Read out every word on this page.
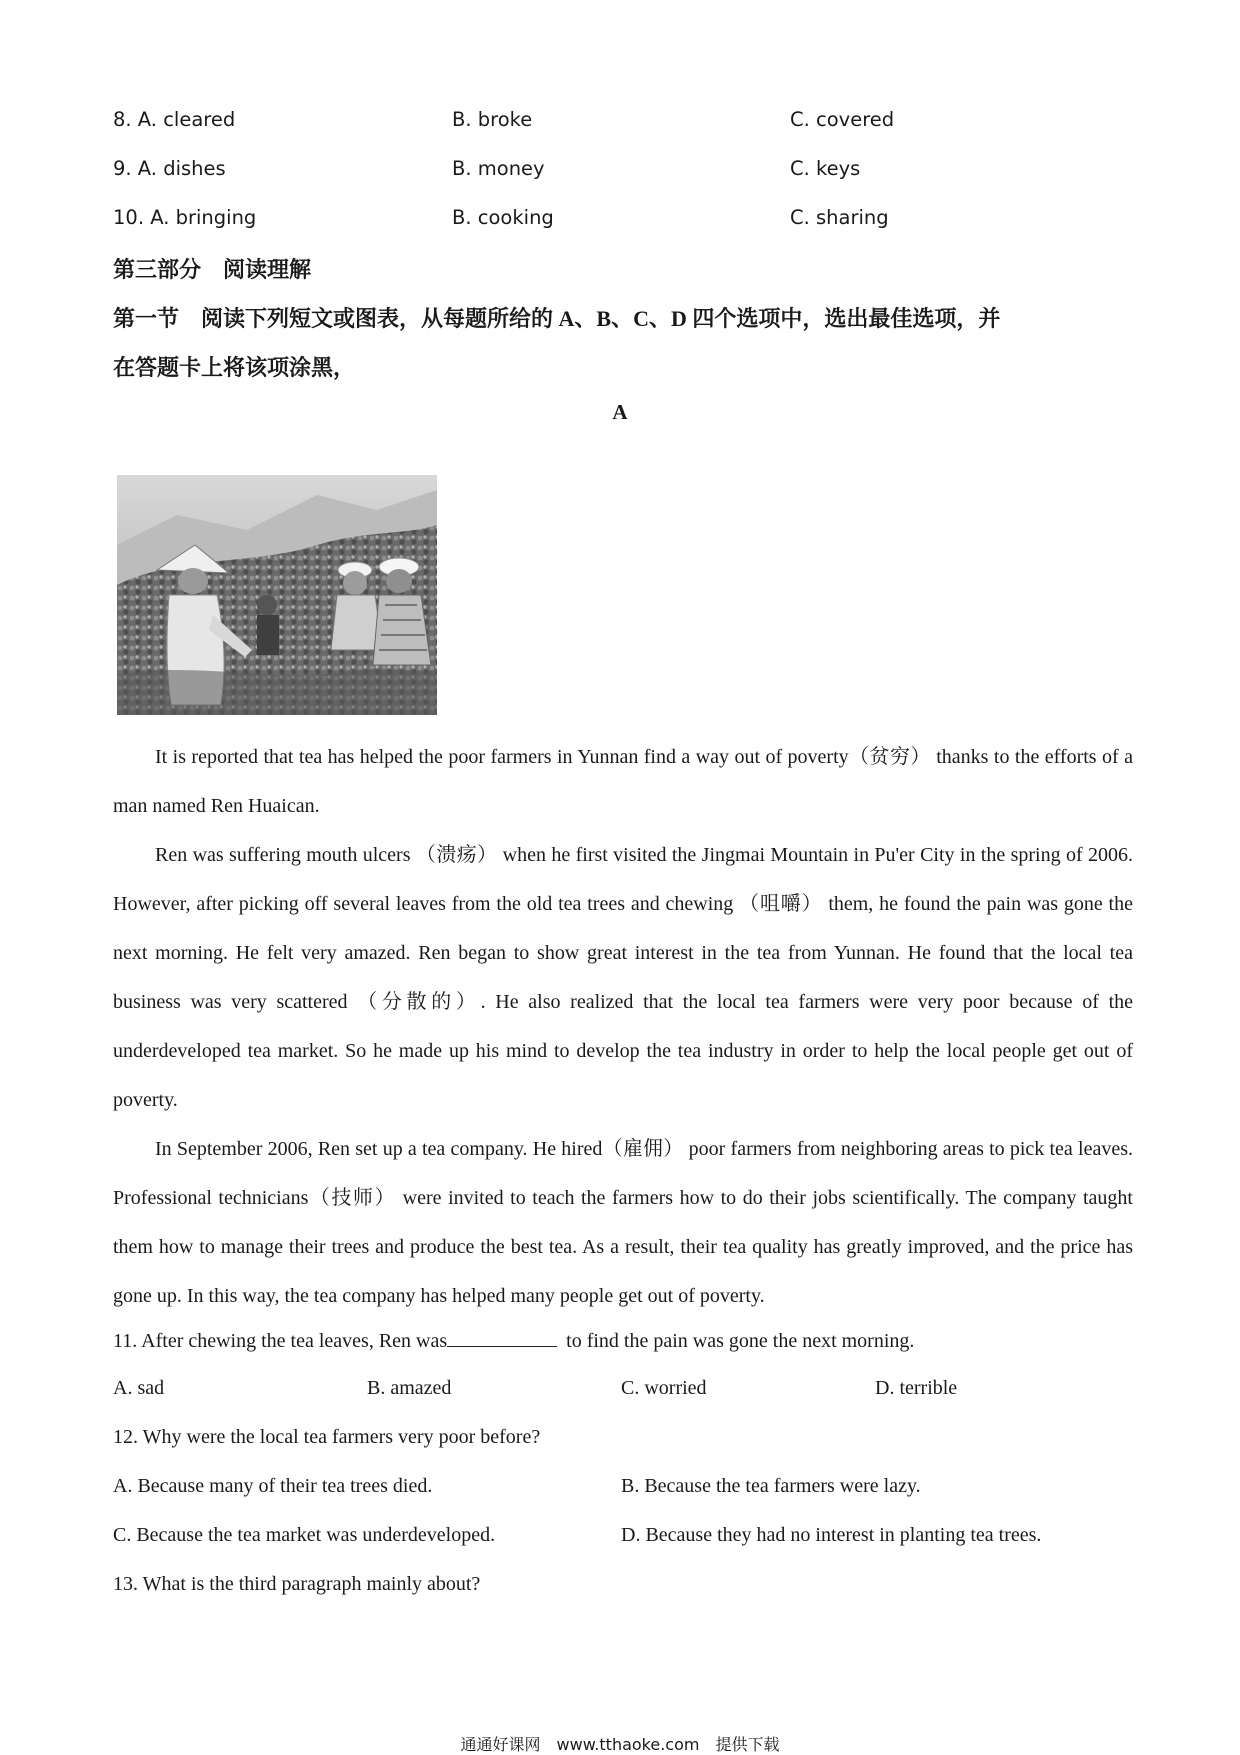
8. A. cleared	B. broke	C. covered
9. A. dishes	B. money	C. keys
10. A. bringing	B. cooking	C. sharing
第三部分　阅读理解
第一节　阅读下列短文或图表，从每题所给的 A、B、C、D 四个选项中，选出最佳选项，并
在答题卡上将该项涂黑，
A

It is reported that tea has helped the poor farmers in Yunnan find a way out of poverty（贫穷） thanks to the efforts of a man named Ren Huaican.

Ren was suffering mouth ulcers （溃疡） when he first visited the Jingmai Mountain in Pu'er City in the spring of 2006. However, after picking off several leaves from the old tea trees and chewing （咀嚼） them, he found the pain was gone the next morning. He felt very amazed. Ren began to show great interest in the tea from Yunnan. He found that the local tea business was very scattered （分散的）. He also realized that the local tea farmers were very poor because of the underdeveloped tea market. So he made up his mind to develop the tea industry in order to help the local people get out of poverty.

In September 2006, Ren set up a tea company. He hired（雇佣） poor farmers from neighboring areas to pick tea leaves. Professional technicians（技师） were invited to teach the farmers how to do their jobs scientifically. The company taught them how to manage their trees and produce the best tea. As a result, their tea quality has greatly improved, and the price has gone up. In this way, the tea company has helped many people get out of poverty.

11. After chewing the tea leaves, Ren was	to find the pain was gone the next morning.
A. sad	B. amazed	C. worried	D. terrible
12. Why were the local tea farmers very poor before?
A. Because many of their tea trees died.	B. Because the tea farmers were lazy.
C. Because the tea market was underdeveloped.	D. Because they had no interest in planting tea trees.
13. What is the third paragraph mainly about?
通通好课网　www.tthaoke.com　提供下载
